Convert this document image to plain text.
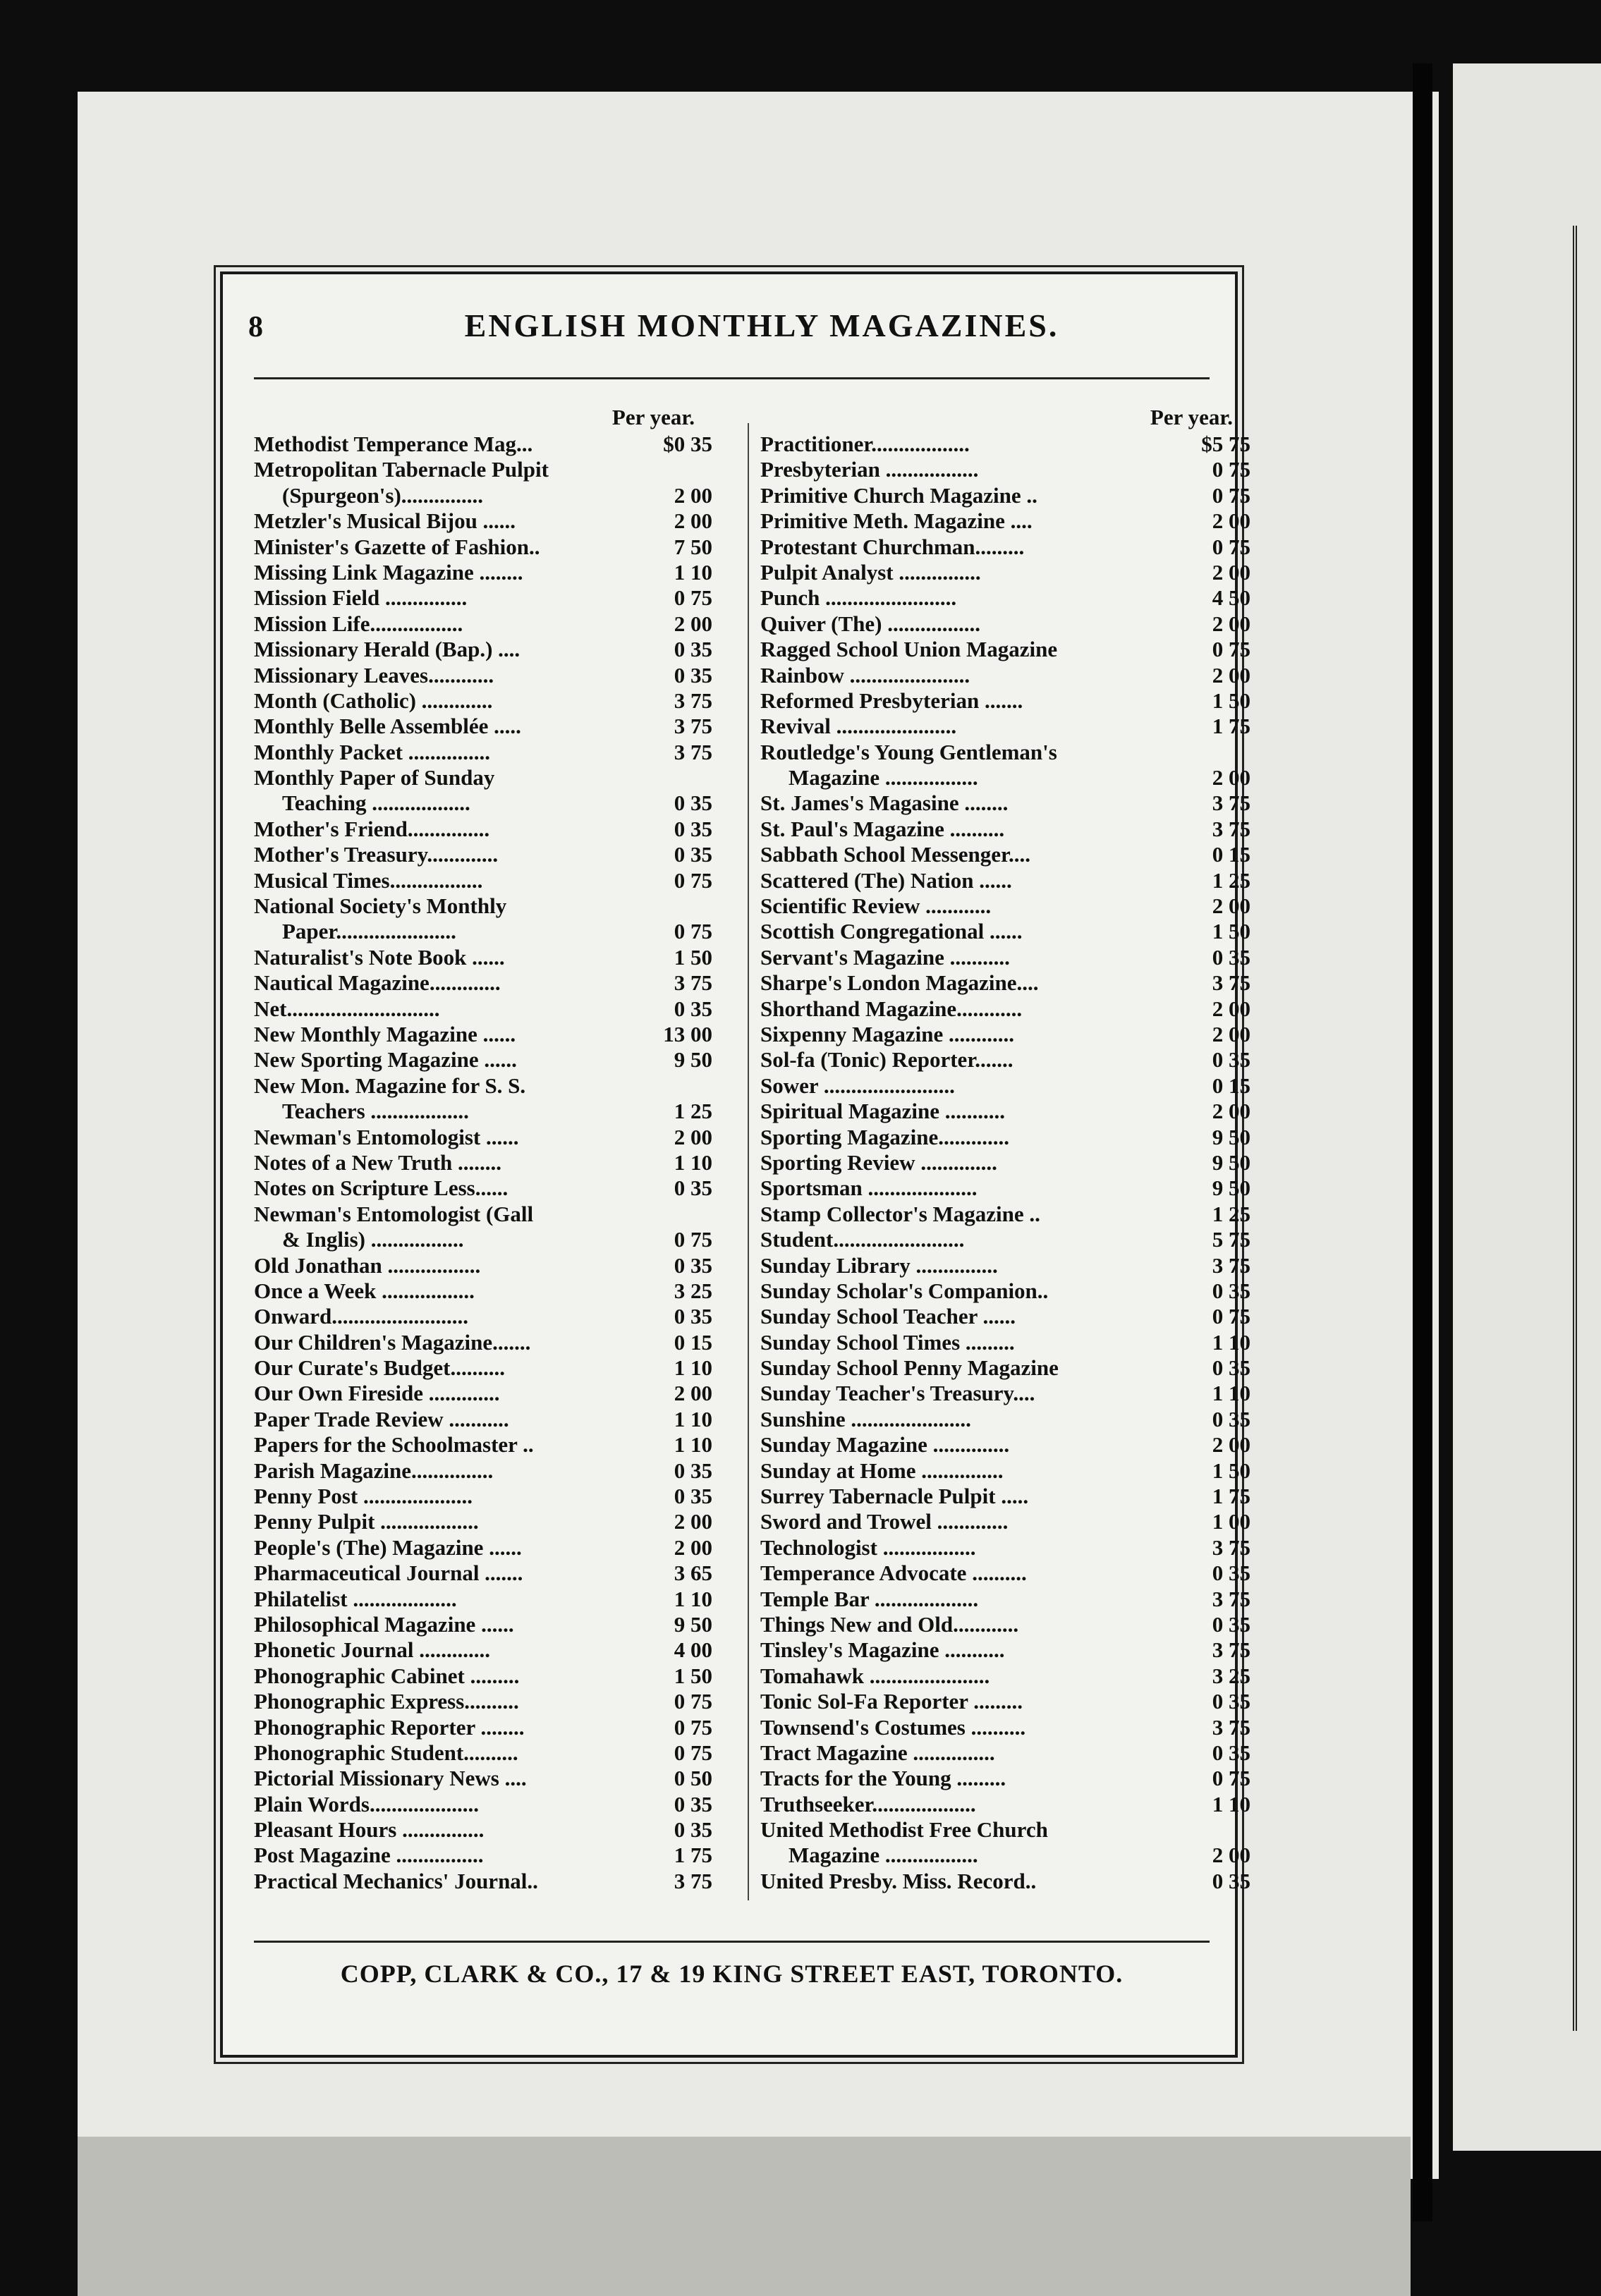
8	ENGLISH MONTHLY MAGAZINES.
Per year.
Methodist Temperance Mag...	$0 35
Metropolitan Tabernacle Pulpit
(Spurgeon's)...............	2 00
Metzler's Musical Bijou ......	2 00
Minister's Gazette of Fashion..	7 50
Missing Link Magazine ........	1 10
Mission Field ...............	0 75
Mission Life.................	2 00
Missionary Herald (Bap.) ....	0 35
Missionary Leaves............	0 35
Month (Catholic) .............	3 75
Monthly Belle Assemblée .....	3 75
Monthly Packet ...............	3 75
Monthly Paper of Sunday
Teaching ..................	0 35
Mother's Friend...............	0 35
Mother's Treasury.............	0 35
Musical Times.................	0 75
National Society's Monthly
Paper......................	0 75
Naturalist's Note Book ......	1 50
Nautical Magazine.............	3 75
Net............................	0 35
New Monthly Magazine ......	13 00
New Sporting Magazine ......	9 50
New Mon. Magazine for S. S.
Teachers ..................	1 25
Newman's Entomologist ......	2 00
Notes of a New Truth ........	1 10
Notes on Scripture Less......	0 35
Newman's Entomologist (Gall
& Inglis) .................	0 75
Old Jonathan .................	0 35
Once a Week .................	3 25
Onward.........................	0 35
Our Children's Magazine.......	0 15
Our Curate's Budget..........	1 10
Our Own Fireside .............	2 00
Paper Trade Review ...........	1 10
Papers for the Schoolmaster ..	1 10
Parish Magazine...............	0 35
Penny Post ....................	0 35
Penny Pulpit ..................	2 00
People's (The) Magazine ......	2 00
Pharmaceutical Journal .......	3 65
Philatelist ...................	1 10
Philosophical Magazine ......	9 50
Phonetic Journal .............	4 00
Phonographic Cabinet .........	1 50
Phonographic Express..........	0 75
Phonographic Reporter ........	0 75
Phonographic Student..........	0 75
Pictorial Missionary News ....	0 50
Plain Words....................	0 35
Pleasant Hours ...............	0 35
Post Magazine ................	1 75
Practical Mechanics' Journal..	3 75
Per year.
Practitioner..................	$5 75
Presbyterian .................	0 75
Primitive Church Magazine ..	0 75
Primitive Meth. Magazine ....	2 00
Protestant Churchman.........	0 75
Pulpit Analyst ...............	2 00
Punch ........................	4 50
Quiver (The) .................	2 00
Ragged School Union Magazine	0 75
Rainbow ......................	2 00
Reformed Presbyterian .......	1 50
Revival ......................	1 75
Routledge's Young Gentleman's
Magazine .................	2 00
St. James's Magasine ........	3 75
St. Paul's Magazine ..........	3 75
Sabbath School Messenger....	0 15
Scattered (The) Nation ......	1 25
Scientific Review ............	2 00
Scottish Congregational ......	1 50
Servant's Magazine ...........	0 35
Sharpe's London Magazine....	3 75
Shorthand Magazine............	2 00
Sixpenny Magazine ............	2 00
Sol-fa (Tonic) Reporter.......	0 35
Sower ........................	0 15
Spiritual Magazine ...........	2 00
Sporting Magazine.............	9 50
Sporting Review ..............	9 50
Sportsman ....................	9 50
Stamp Collector's Magazine ..	1 25
Student........................	5 75
Sunday Library ...............	3 75
Sunday Scholar's Companion..	0 35
Sunday School Teacher ......	0 75
Sunday School Times .........	1 10
Sunday School Penny Magazine	0 35
Sunday Teacher's Treasury....	1 10
Sunshine ......................	0 35
Sunday Magazine ..............	2 00
Sunday at Home ...............	1 50
Surrey Tabernacle Pulpit .....	1 75
Sword and Trowel .............	1 00
Technologist .................	3 75
Temperance Advocate ..........	0 35
Temple Bar ...................	3 75
Things New and Old............	0 35
Tinsley's Magazine ...........	3 75
Tomahawk ......................	3 25
Tonic Sol-Fa Reporter .........	0 35
Townsend's Costumes ..........	3 75
Tract Magazine ...............	0 35
Tracts for the Young .........	0 75
Truthseeker...................	1 10
United Methodist Free Church
Magazine .................	2 00
United Presby. Miss. Record..	0 35
COPP, CLARK & CO., 17 & 19 KING STREET EAST, TORONTO.
